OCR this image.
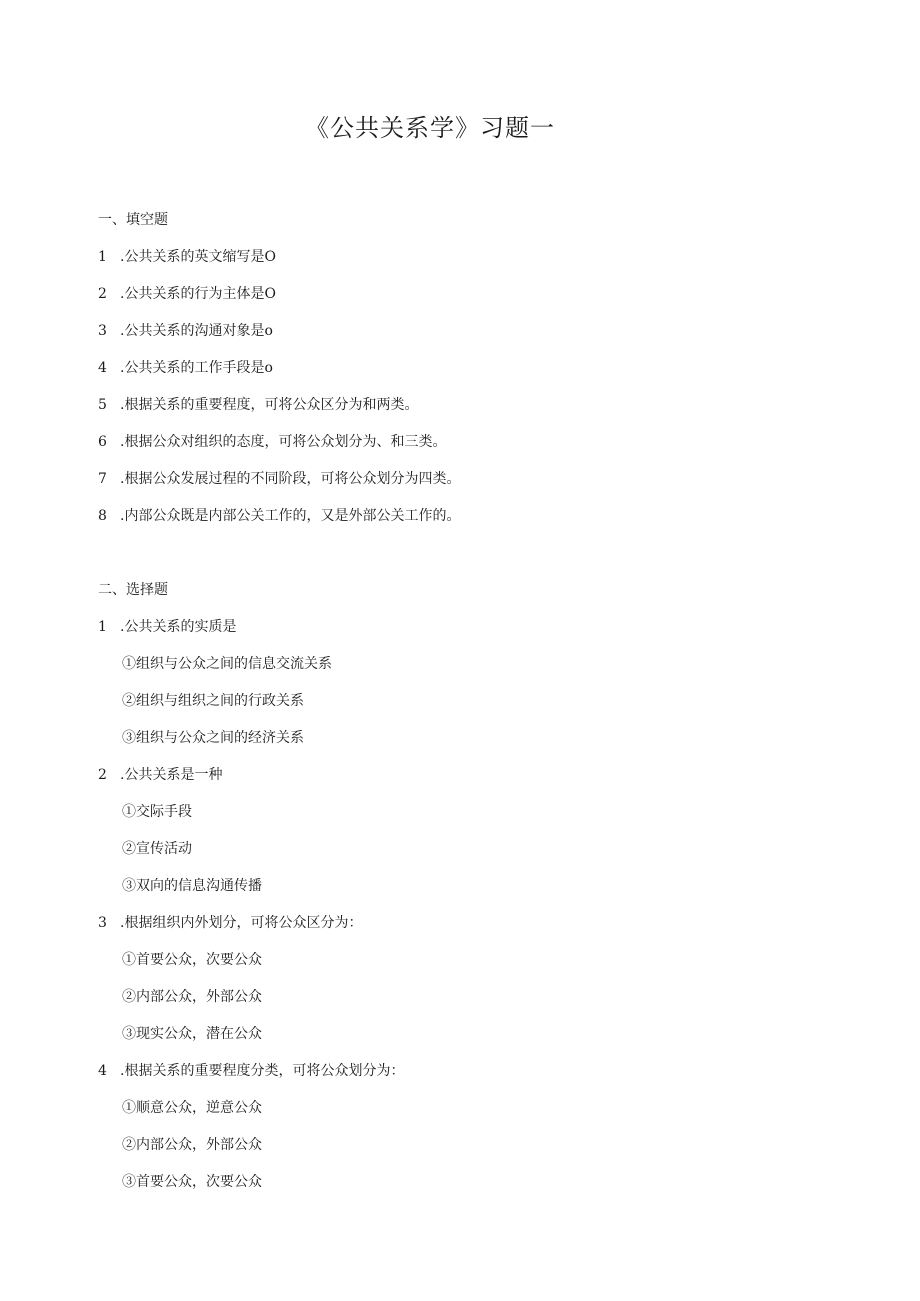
《公共关系学》习题一
一、填空题
1 .公共关系的英文缩写是O
2 .公共关系的行为主体是O
3 .公共关系的沟通对象是o
4 .公共关系的工作手段是o
5 .根据关系的重要程度，可将公众区分为和两类。
6 .根据公众对组织的态度，可将公众划分为、和三类。
7 .根据公众发展过程的不同阶段，可将公众划分为四类。
8 .内部公众既是内部公关工作的，又是外部公关工作的。
二、选择题
1 .公共关系的实质是
①组织与公众之间的信息交流关系
②组织与组织之间的行政关系
③组织与公众之间的经济关系
2 .公共关系是一种
①交际手段
②宣传活动
③双向的信息沟通传播
3 .根据组织内外划分，可将公众区分为：
①首要公众，次要公众
②内部公众，外部公众
③现实公众，潜在公众
4 .根据关系的重要程度分类，可将公众划分为：
①顺意公众，逆意公众
②内部公众，外部公众
③首要公众，次要公众
